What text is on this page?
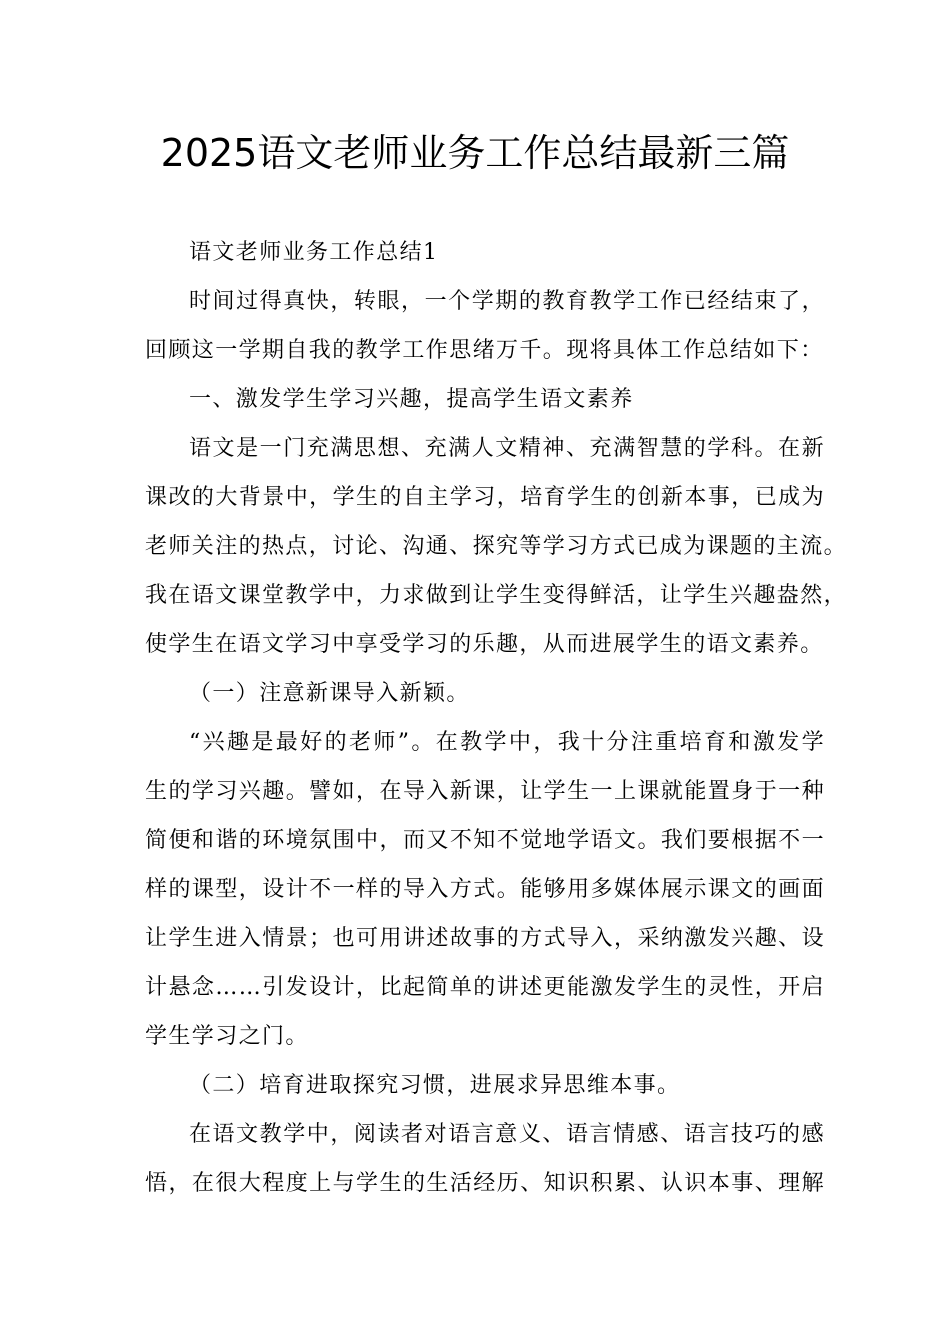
2025语文老师业务工作总结最新三篇
语文老师业务工作总结1
时间过得真快，转眼，一个学期的教育教学工作已经结束了，
回顾这一学期自我的教学工作思绪万千。现将具体工作总结如下：
一、激发学生学习兴趣，提高学生语文素养
语文是一门充满思想、充满人文精神、充满智慧的学科。在新
课改的大背景中，学生的自主学习，培育学生的创新本事，已成为
老师关注的热点，讨论、沟通、探究等学习方式已成为课题的主流。
我在语文课堂教学中，力求做到让学生变得鲜活，让学生兴趣盎然，
使学生在语文学习中享受学习的乐趣，从而进展学生的语文素养。
（一）注意新课导入新颖。
“兴趣是最好的老师”。在教学中，我十分注重培育和激发学
生的学习兴趣。譬如，在导入新课，让学生一上课就能置身于一种
简便和谐的环境氛围中，而又不知不觉地学语文。我们要根据不一
样的课型，设计不一样的导入方式。能够用多媒体展示课文的画面
让学生进入情景；也可用讲述故事的方式导入，采纳激发兴趣、设
计悬念……引发设计，比起简单的讲述更能激发学生的灵性，开启
学生学习之门。
（二）培育进取探究习惯，进展求异思维本事。
在语文教学中，阅读者对语言意义、语言情感、语言技巧的感
悟，在很大程度上与学生的生活经历、知识积累、认识本事、理解
